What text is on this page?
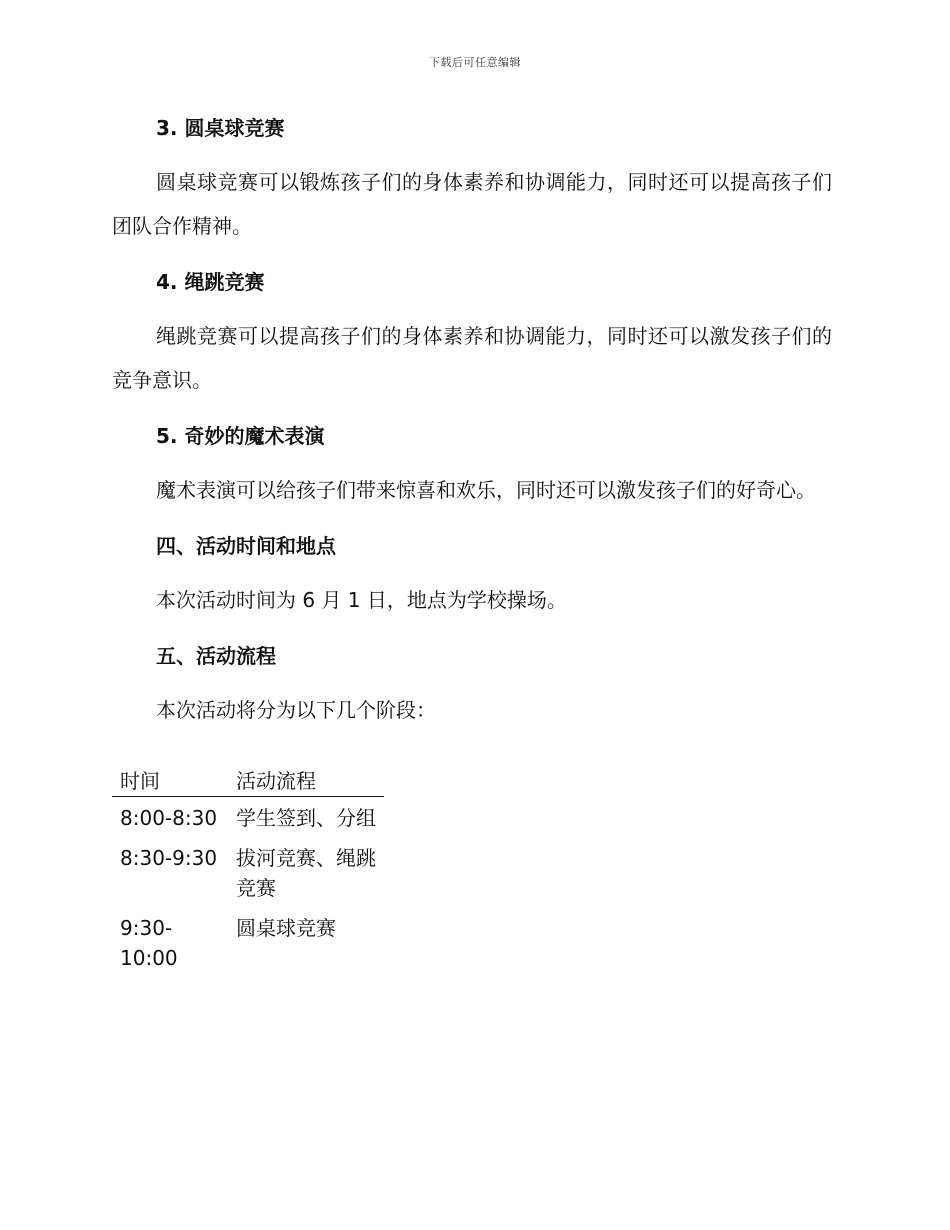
下载后可任意编辑
3. 圆桌球竞赛

圆桌球竞赛可以锻炼孩子们的身体素养和协调能力，同时还可以提高孩子们团队合作精神。

4. 绳跳竞赛

绳跳竞赛可以提高孩子们的身体素养和协调能力，同时还可以激发孩子们的竞争意识。

5. 奇妙的魔术表演

魔术表演可以给孩子们带来惊喜和欢乐，同时还可以激发孩子们的好奇心。

四、活动时间和地点

本次活动时间为 6 月 1 日，地点为学校操场。

五、活动流程

本次活动将分为以下几个阶段：

时间	活动流程
8:00-8:30	学生签到、分组
8:30-9:30	拔河竞赛、绳跳竞赛
9:30-10:00	圆桌球竞赛
